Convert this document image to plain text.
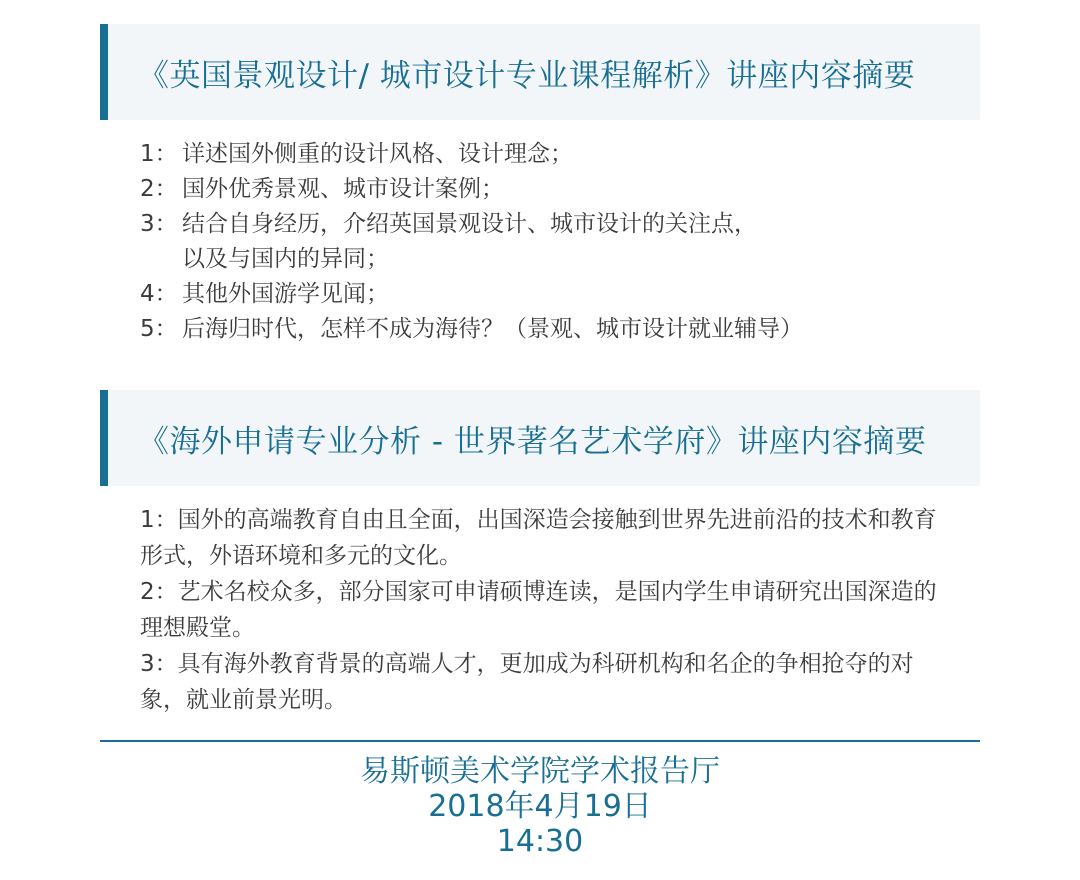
《英国景观设计/ 城市设计专业课程解析》讲座内容摘要
1： 详述国外侧重的设计风格、设计理念；
2： 国外优秀景观、城市设计案例；
3： 结合自身经历，介绍英国景观设计、城市设计的关注点，
以及与国内的异同；
4： 其他外国游学见闻；
5： 后海归时代，怎样不成为海待？（景观、城市设计就业辅导）
《海外申请专业分析 - 世界著名艺术学府》讲座内容摘要
1：国外的高端教育自由且全面，出国深造会接触到世界先进前沿的技术和教育形式，外语环境和多元的文化。
2：艺术名校众多，部分国家可申请硕博连读，是国内学生申请研究出国深造的理想殿堂。
3：具有海外教育背景的高端人才，更加成为科研机构和名企的争相抢夺的对象，就业前景光明。
易斯顿美术学院学术报告厅
2018年4月19日
14:30
